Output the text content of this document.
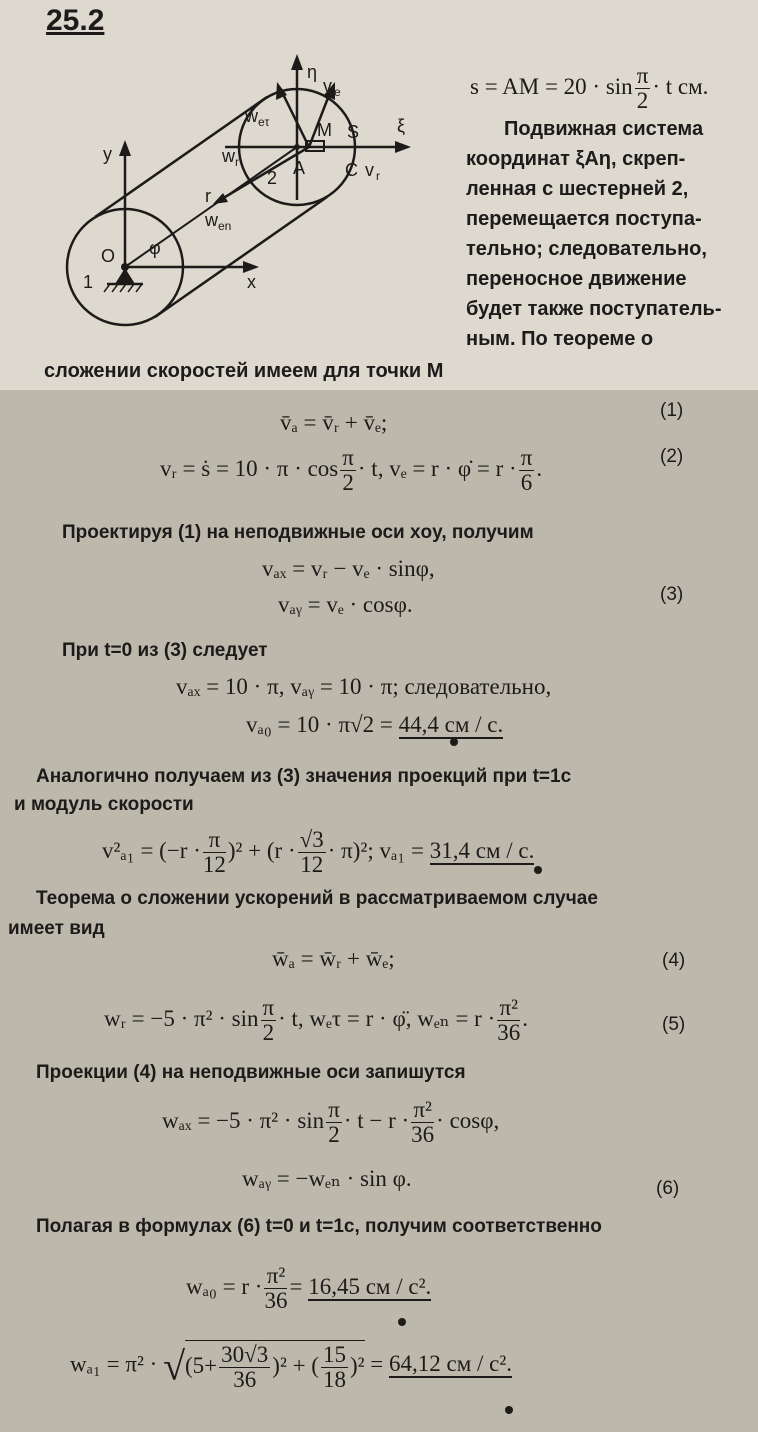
25.2
η
v e
w eτ	M S ξ
y	w r	A C v r
2
r
w en
O φ
1	x
s = AM = $20 \cdot \sin \frac{\pi}{2} \cdot t$ см.
Подвижная система
координат ξAη, скреп-
ленная с шестерней 2,
перемещается поступа-
тельно; следовательно,
переносное движение
будет также поступатель-
ным. По теореме о
сложении скоростей имеем для точки M
v̄ₐ = v̄ᵣ + v̄ₑ;	(1)
vᵣ = ṡ = $10 \cdot \pi \cdot \cos \frac{\pi}{2} \cdot t$, vₑ = r · φ̇ = $r \cdot \frac{\pi}{6}$ .	(2)
Проектируя (1) на неподвижные оси xoy, получим
vₐₓ = vᵣ − vₑ · sinφ,
vₐᵧ = vₑ · cosφ.	(3)
При t=0 из (3) следует
vₐₓ = 10 · π, vₐᵧ = 10 · π; следовательно,
vₐ₀ = 10 · π√2 = 44,4 см / с.
Аналогично получаем из (3) значения проекций при t=1с
и модуль скорости
$v^2_{a1} = (-r \cdot \frac{\pi}{12} )^2 + (r \cdot \frac{√3}{12} \cdot \pi)^2$; vₐ₁ = 31,4 см / с.
Теорема о сложении ускорений в рассматриваемом случае
имеет вид
w̄ₐ = w̄ᵣ + w̄ₑ;	(4)
wᵣ = $-5 \cdot \pi^2 \cdot \sin \frac{\pi}{2} \cdot t$, wₑτ = r · φ̈, $w_{en} = r \cdot \frac{\text{π²}}{36}$ .	(5)
Проекции (4) на неподвижные оси запишутся
$w_{ax} = -5 \cdot \pi^2 \cdot \sin \frac{\pi}{2} \cdot t - r \cdot \frac{\text{π²}}{36} \cdot \cos\varphi$,
wₐᵧ = −wₑₙ · sin φ.	(6)
Полагая в формулах (6) t=0 и t=1с, получим соответственно
$w_{a0} = r \cdot \frac{\text{π²}}{36} = 16,45$ см / с².
$w_{a1} = \pi^2 \cdot √(5+ \frac{30√3}{36} )^2$ + ( $\frac{15}{18} )^2 = 64,12$ см / с².
